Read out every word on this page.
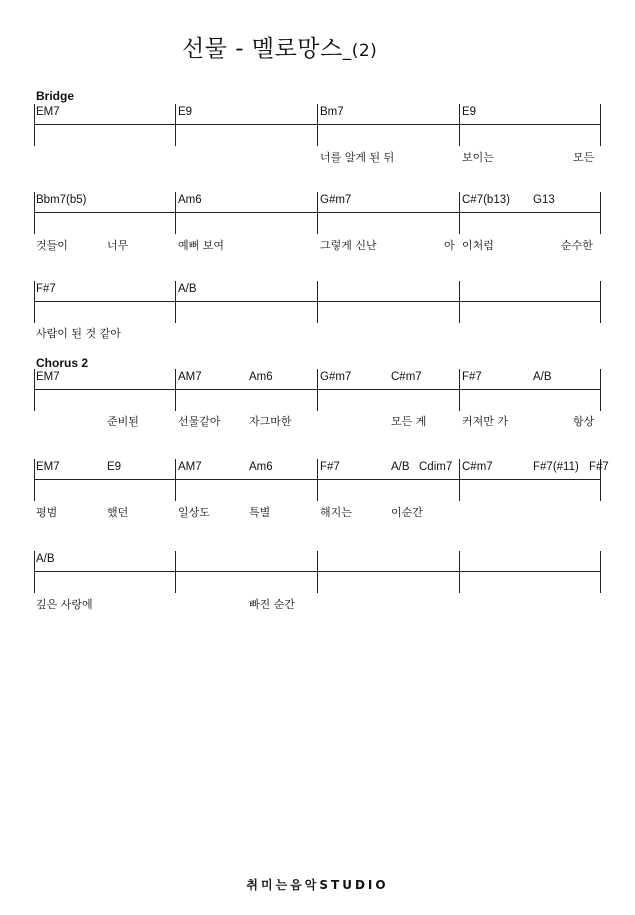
선물 - 멜로망스_(2)
Bridge
EM7	E9	Bm7	E9
너를 알게 된 뒤	보이는	모든
Bbm7(b5)	Am6	G#m7	C#7(b13) G13
것들이	너무	예뻐 보여	그렇게 신난	아 이처럼	순수한
F#7	A/B
사람이 된 것 같아
Chorus 2
EM7	AM7	Am6	G#m7	C#m7	F#7	A/B
준비된	선물같아	자그마한	모든 게	커져만 가	항상
EM7	E9	AM7	Am6	F#7	A/B Cdim7 C#m7	F#7(#11) F#7
평범	했던	일상도	특별	해지는	이순간
A/B
깊은 사랑에	빠진 순간
취미는음악STUDIO
